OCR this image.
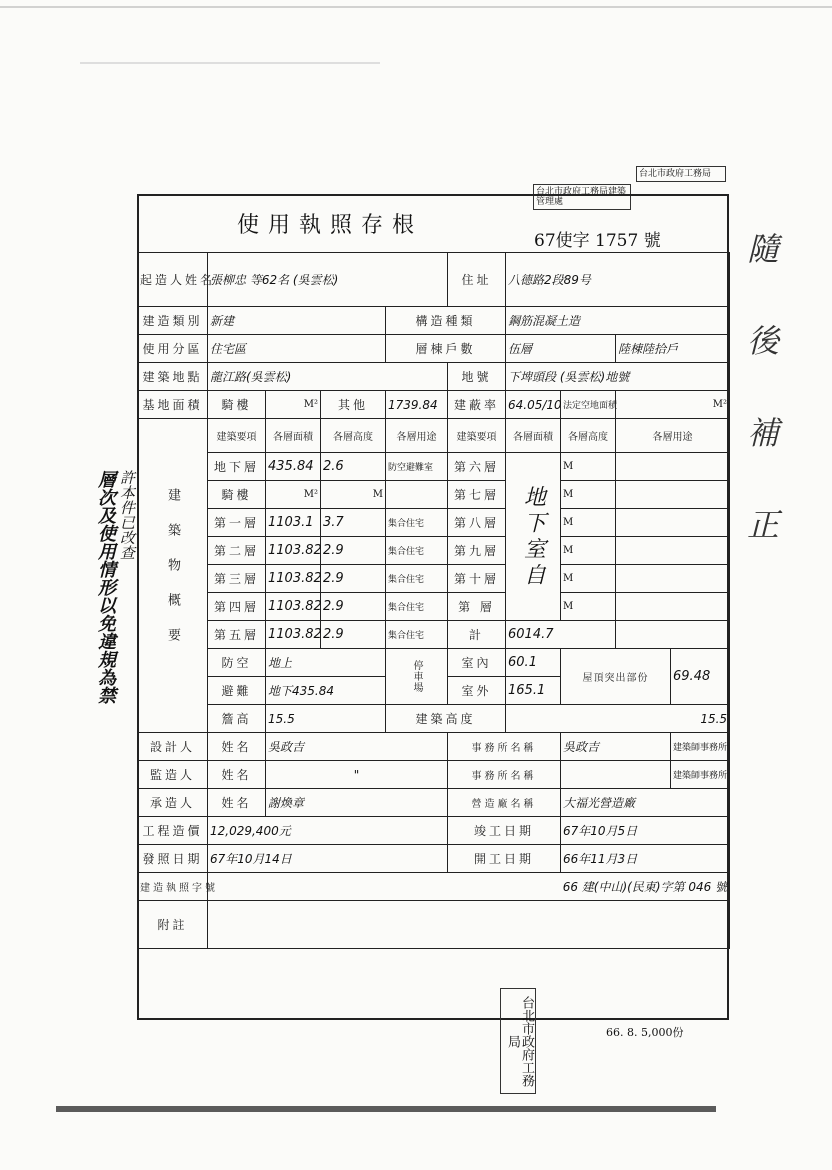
台北市政府工務局建築管理處
台北市政府工務局
使用執照存根
67使字 1757 號
起造人姓名	張柳忠 等62名 (吳雲松)				住址	八德路2段89号			
建造類別	新建			構造種類		鋼筋混凝土造			
使用分區	住宅區			層棟戶數		伍層		陸棟陸拾戶	
建築地點	龍江路(吳雲松)				地號	下埤頭段 (吳雲松)地號			
基地面積	騎樓	M²	其他	1739.84	建蔽率	64.05/10	法定空地面積	M²	
建築物概要	建築要項	各層面積	各層高度	各層用途	建築要項	各層面積	各層高度	各層用途	
	地下層	435.84	2.6	防空避難室	第六層	地下室自	M		
	騎樓	M²	M		第七層		M		
	第一層	1103.1	3.7	集合住宅	第八層		M		
	第二層	1103.82	2.9	集合住宅	第九層		M		
	第三層	1103.82	2.9	集合住宅	第十層		M		
	第四層	1103.82	2.9	集合住宅	第 層		M		
	第五層	1103.82	2.9	集合住宅	計	6014.7			
	防空	地上		停車場	室內	60.1	屋頂突出部份		69.48
	避難	地下435.84			室外	165.1			
	簷高	15.5		建築高度		15.5			
設計人	姓名	吳政吉			事務所名稱		吳政吉		建築師事務所
監造人	姓名	"			事務所名稱				建築師事務所
承造人	姓名	謝煥章			營造廠名稱		大福光營造廠		
工程造價	12,029,400元				竣工日期		67年10月5日		
發照日期	67年10月14日				開工日期		66年11月3日		
建造執照字號	66 建(中山)(民東)字第 046 號								
附註									
66. 8. 5,000份
層次及使用情形以免違規為禁 許本件已改查	隨後補正
台北市政府工務局
